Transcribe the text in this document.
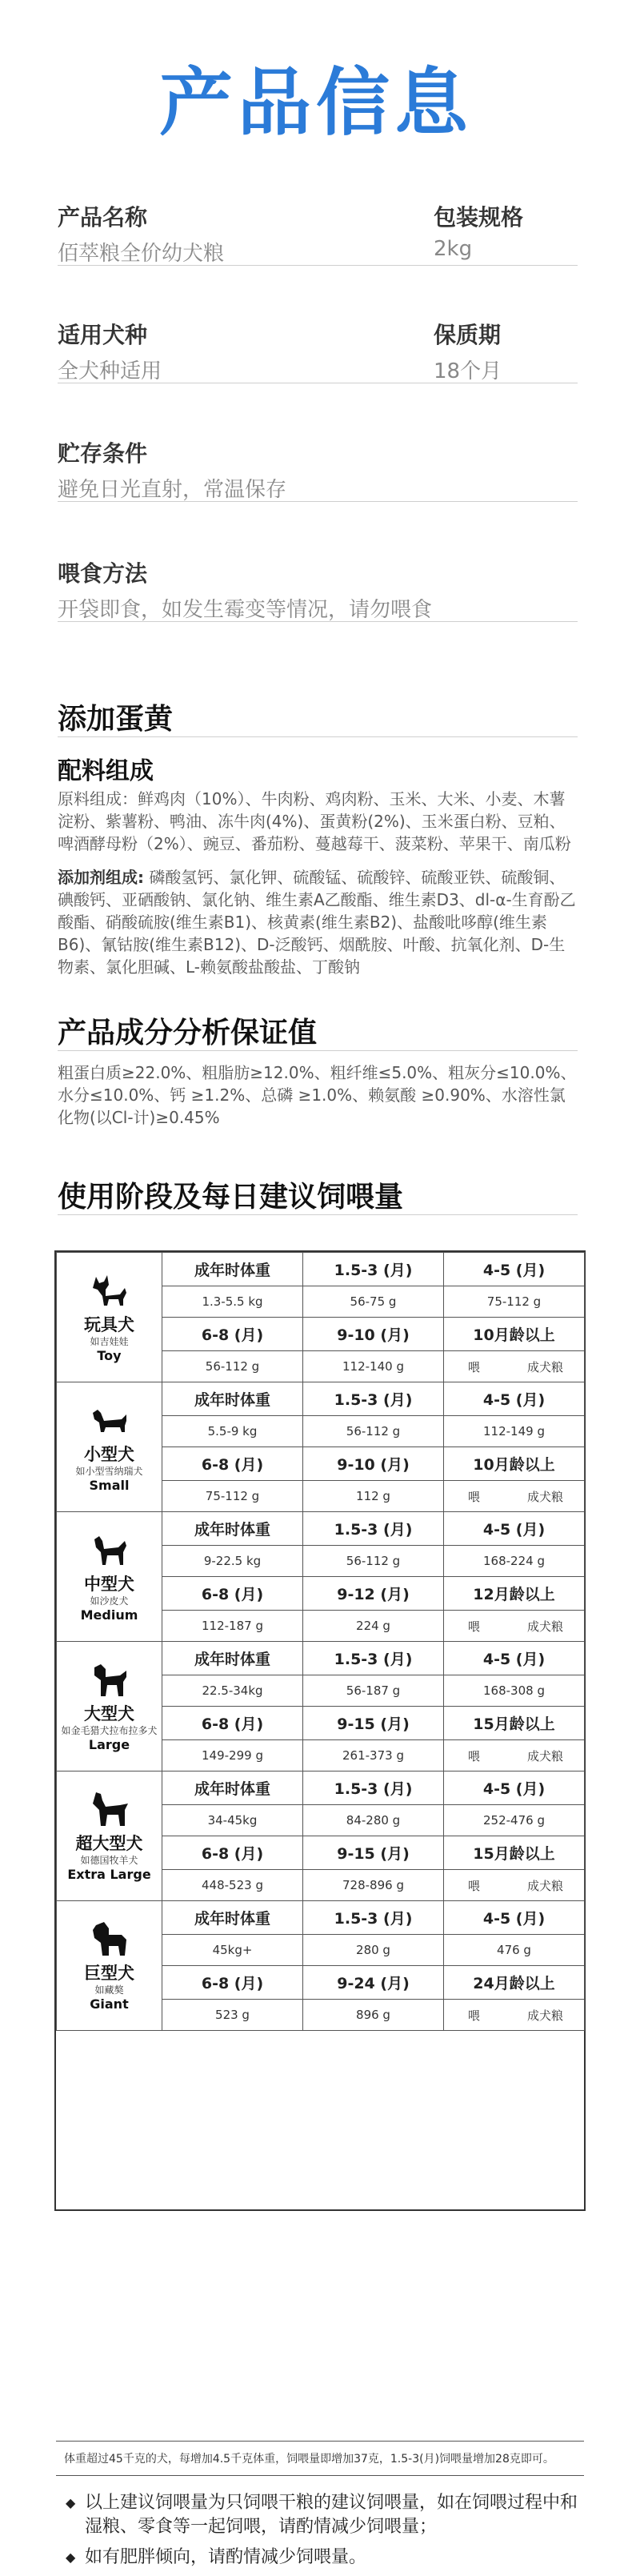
产品信息
产品名称
佰萃粮全价幼犬粮
包装规格
2kg
适用犬种
全犬种适用
保质期
18个月
贮存条件
避免日光直射，常温保存
喂食方法
开袋即食，如发生霉变等情况，请勿喂食
添加蛋黄
配料组成
原料组成：鲜鸡肉（10%）、牛肉粉、鸡肉粉、玉米、大米、小麦、木薯淀粉、紫薯粉、鸭油、冻牛肉(4%)、蛋黄粉(2%)、玉米蛋白粉、豆粕、啤酒酵母粉（2%）、豌豆、番茄粉、蔓越莓干、菠菜粉、苹果干、南瓜粉
添加剂组成: 磷酸氢钙、氯化钾、硫酸锰、硫酸锌、硫酸亚铁、硫酸铜、碘酸钙、亚硒酸钠、氯化钠、维生素A乙酸酯、维生素D3、dl-α-生育酚乙酸酯、硝酸硫胺(维生素B1)、核黄素(维生素B2)、盐酸吡哆醇(维生素B6)、氰钴胺(维生素B12)、D-泛酸钙、烟酰胺、叶酸、抗氧化剂、D-生物素、氯化胆碱、L-赖氨酸盐酸盐、丁酸钠
产品成分分析保证值
粗蛋白质≥22.0%、粗脂肪≥12.0%、粗纤维≤5.0%、粗灰分≤10.0%、水分≤10.0%、钙 ≥1.2%、总磷 ≥1.0%、赖氨酸 ≥0.90%、水溶性氯化物(以Cl-计)≥0.45%
使用阶段及每日建议饲喂量
玩具犬
如吉娃娃
Toy	成年时体重	1.5-3 (月)	4-5 (月)
	1.3-5.5 kg	56-75 g	75-112 g
	6-8 (月)	9-10 (月)	10月龄以上
	56-112 g	112-140 g	喂 成犬粮

小型犬
如小型雪纳瑞犬
Small	成年时体重	1.5-3 (月)	4-5 (月)
	5.5-9 kg	56-112 g	112-149 g
	6-8 (月)	9-10 (月)	10月龄以上
	75-112 g	112 g	喂 成犬粮

中型犬
如沙皮犬
Medium	成年时体重	1.5-3 (月)	4-5 (月)
	9-22.5 kg	56-112 g	168-224 g
	6-8 (月)	9-12 (月)	12月龄以上
	112-187 g	224 g	喂 成犬粮

大型犬
如金毛猎犬拉布拉多犬
Large	成年时体重	1.5-3 (月)	4-5 (月)
	22.5-34kg	56-187 g	168-308 g
	6-8 (月)	9-15 (月)	15月龄以上
	149-299 g	261-373 g	喂 成犬粮

超大型犬
如德国牧羊犬
Extra Large	成年时体重	1.5-3 (月)	4-5 (月)
	34-45kg	84-280 g	252-476 g
	6-8 (月)	9-15 (月)	15月龄以上
	448-523 g	728-896 g	喂 成犬粮

巨型犬
如藏獒
Giant	成年时体重	1.5-3 (月)	4-5 (月)
	45kg+	280 g	476 g
	6-8 (月)	9-24 (月)	24月龄以上
	523 g	896 g	喂 成犬粮
体重超过45千克的犬，每增加4.5千克体重，饲喂量即增加37克，1.5-3(月)饲喂量增加28克即可。
◆ 以上建议饲喂量为只饲喂干粮的建议饲喂量，如在饲喂过程中和湿粮、零食等一起饲喂，请酌情减少饲喂量；
◆ 如有肥胖倾向，请酌情减少饲喂量。
